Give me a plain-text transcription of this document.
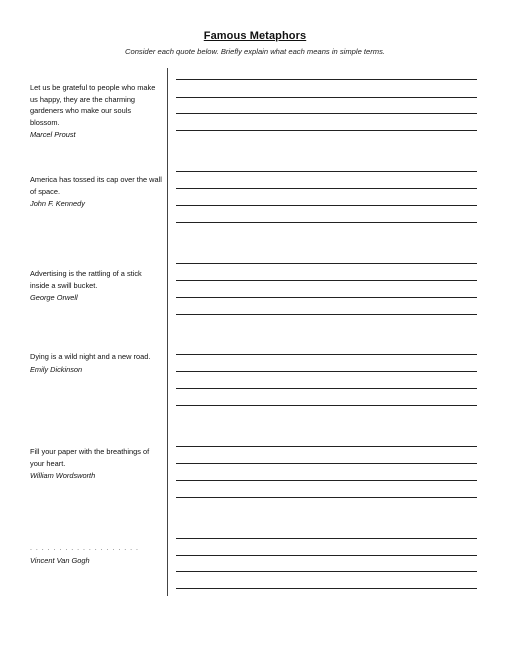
Famous Metaphors
Consider each quote below. Briefly explain what each means in simple terms.
Let us be grateful to people who make us happy, they are the charming gardeners who make our souls blossom.
Marcel Proust
America has tossed its cap over the wall of space.
John F. Kennedy
Advertising is the rattling of a stick inside a swill bucket.
George Orwell
Dying is a wild night and a new road.
Emily Dickinson
Fill your paper with the breathings of your heart.
William Wordsworth
. . . . . . . . . . . . . . . . . . .
Vincent Van Gogh
